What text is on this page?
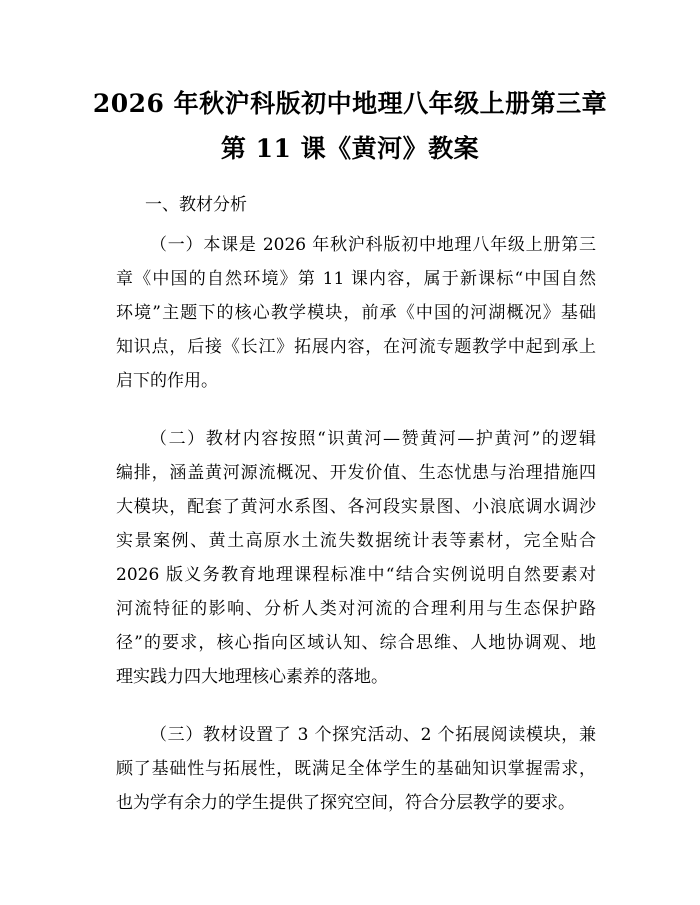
2026 年秋沪科版初中地理八年级上册第三章
第 11 课《黄河》教案
一、教材分析
（一）本课是 2026 年秋沪科版初中地理八年级上册第三
章《中国的自然环境》第 11 课内容，属于新课标“中国自然
环境”主题下的核心教学模块，前承《中国的河湖概况》基础
知识点，后接《长江》拓展内容，在河流专题教学中起到承上
启下的作用。
（二）教材内容按照“识黄河—赞黄河—护黄河”的逻辑
编排，涵盖黄河源流概况、开发价值、生态忧患与治理措施四
大模块，配套了黄河水系图、各河段实景图、小浪底调水调沙
实景案例、黄土高原水土流失数据统计表等素材，完全贴合
2026 版义务教育地理课程标准中“结合实例说明自然要素对
河流特征的影响、分析人类对河流的合理利用与生态保护路
径”的要求，核心指向区域认知、综合思维、人地协调观、地
理实践力四大地理核心素养的落地。
（三）教材设置了 3 个探究活动、2 个拓展阅读模块，兼
顾了基础性与拓展性，既满足全体学生的基础知识掌握需求，
也为学有余力的学生提供了探究空间，符合分层教学的要求。
